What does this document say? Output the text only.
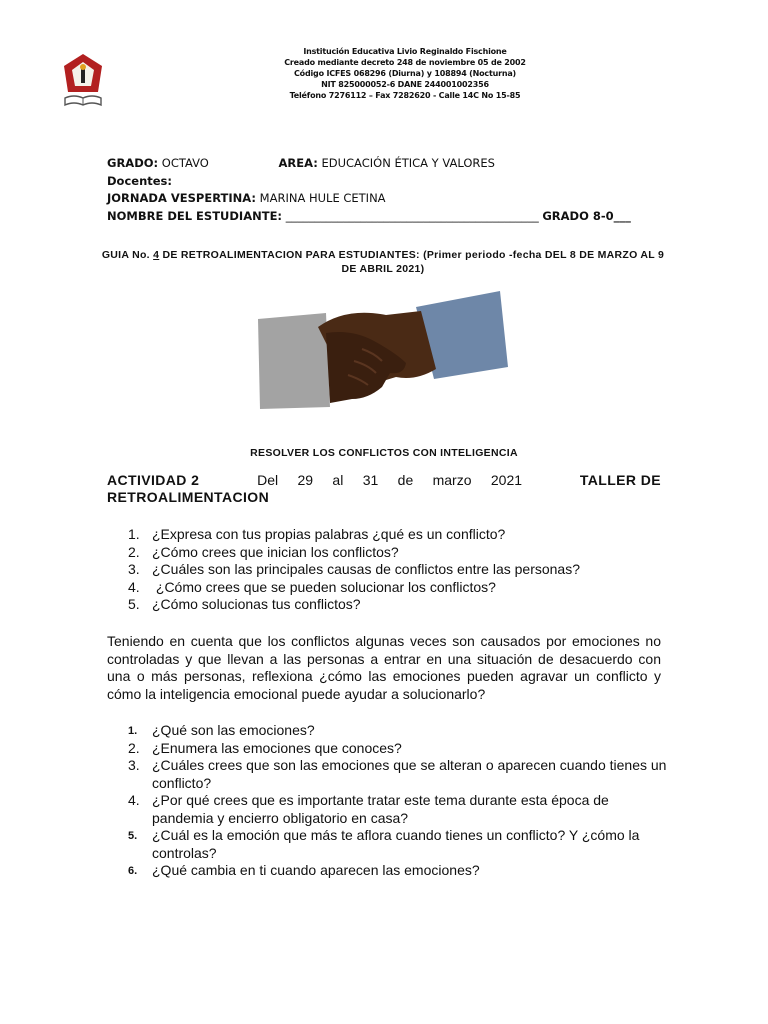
Institución Educativa Livio Reginaldo Fischione
Creado mediante decreto 248 de noviembre 05 de 2002
Código ICFES 068296 (Diurna) y 108894 (Nocturna)
NIT 825000052-6 DANE 244001002356
Teléfono 7276112 – Fax 7282620 - Calle 14C No 15-85
GRADO: OCTAVO	AREA: EDUCACIÓN ÉTICA Y VALORES
Docentes:
JORNADA VESPERTINA: MARINA HULE CETINA
NOMBRE DEL ESTUDIANTE: ____________________________________________ GRADO 8-0___
GUIA No. 4 DE RETROALIMENTACION PARA ESTUDIANTES: (Primer periodo -fecha DEL 8 DE MARZO AL 9 DE ABRIL 2021)
RESOLVER LOS CONFLICTOS CON INTELIGENCIA
ACTIVIDAD 2	Del 29 al 31 de marzo 2021	TALLER DE
RETROALIMENTACION
1. ¿Expresa con tus propias palabras ¿qué es un conflicto?
2. ¿Cómo crees que inician los conflictos?
3. ¿Cuáles son las principales causas de conflictos entre las personas?
4. ¿Cómo crees que se pueden solucionar los conflictos?
5. ¿Cómo solucionas tus conflictos?
Teniendo en cuenta que los conflictos algunas veces son causados por emociones no controladas y que llevan a las personas a entrar en una situación de desacuerdo con una o más personas, reflexiona ¿cómo las emociones pueden agravar un conflicto y cómo la inteligencia emocional puede ayudar a solucionarlo?
1. ¿Qué son las emociones?
2. ¿Enumera las emociones que conoces?
3. ¿Cuáles crees que son las emociones que se alteran o aparecen cuando tienes un conflicto?
4. ¿Por qué crees que es importante tratar este tema durante esta época de pandemia y encierro obligatorio en casa?
5. ¿Cuál es la emoción que más te aflora cuando tienes un conflicto? Y ¿cómo la controlas?
6. ¿Qué cambia en ti cuando aparecen las emociones?
